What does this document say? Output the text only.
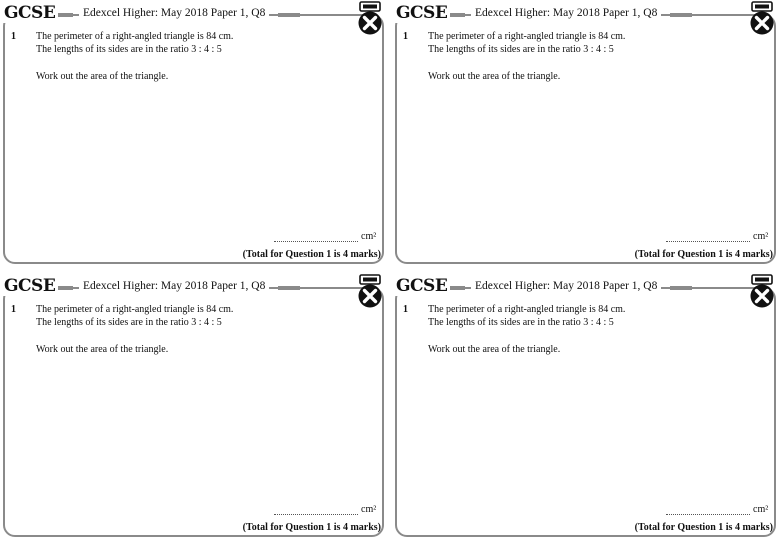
GCSE	Edexcel Higher: May 2018 Paper 1, Q8
1 The perimeter of a right-angled triangle is 84 cm.
The lengths of its sides are in the ratio 3 : 4 : 5
Work out the area of the triangle.
cm²
(Total for Question 1 is 4 marks)
GCSE	Edexcel Higher: May 2018 Paper 1, Q8
1 The perimeter of a right-angled triangle is 84 cm.
The lengths of its sides are in the ratio 3 : 4 : 5
Work out the area of the triangle.
cm²
(Total for Question 1 is 4 marks)
GCSE	Edexcel Higher: May 2018 Paper 1, Q8
1 The perimeter of a right-angled triangle is 84 cm.
The lengths of its sides are in the ratio 3 : 4 : 5
Work out the area of the triangle.
cm²
(Total for Question 1 is 4 marks)
GCSE	Edexcel Higher: May 2018 Paper 1, Q8
1 The perimeter of a right-angled triangle is 84 cm.
The lengths of its sides are in the ratio 3 : 4 : 5
Work out the area of the triangle.
cm²
(Total for Question 1 is 4 marks)
